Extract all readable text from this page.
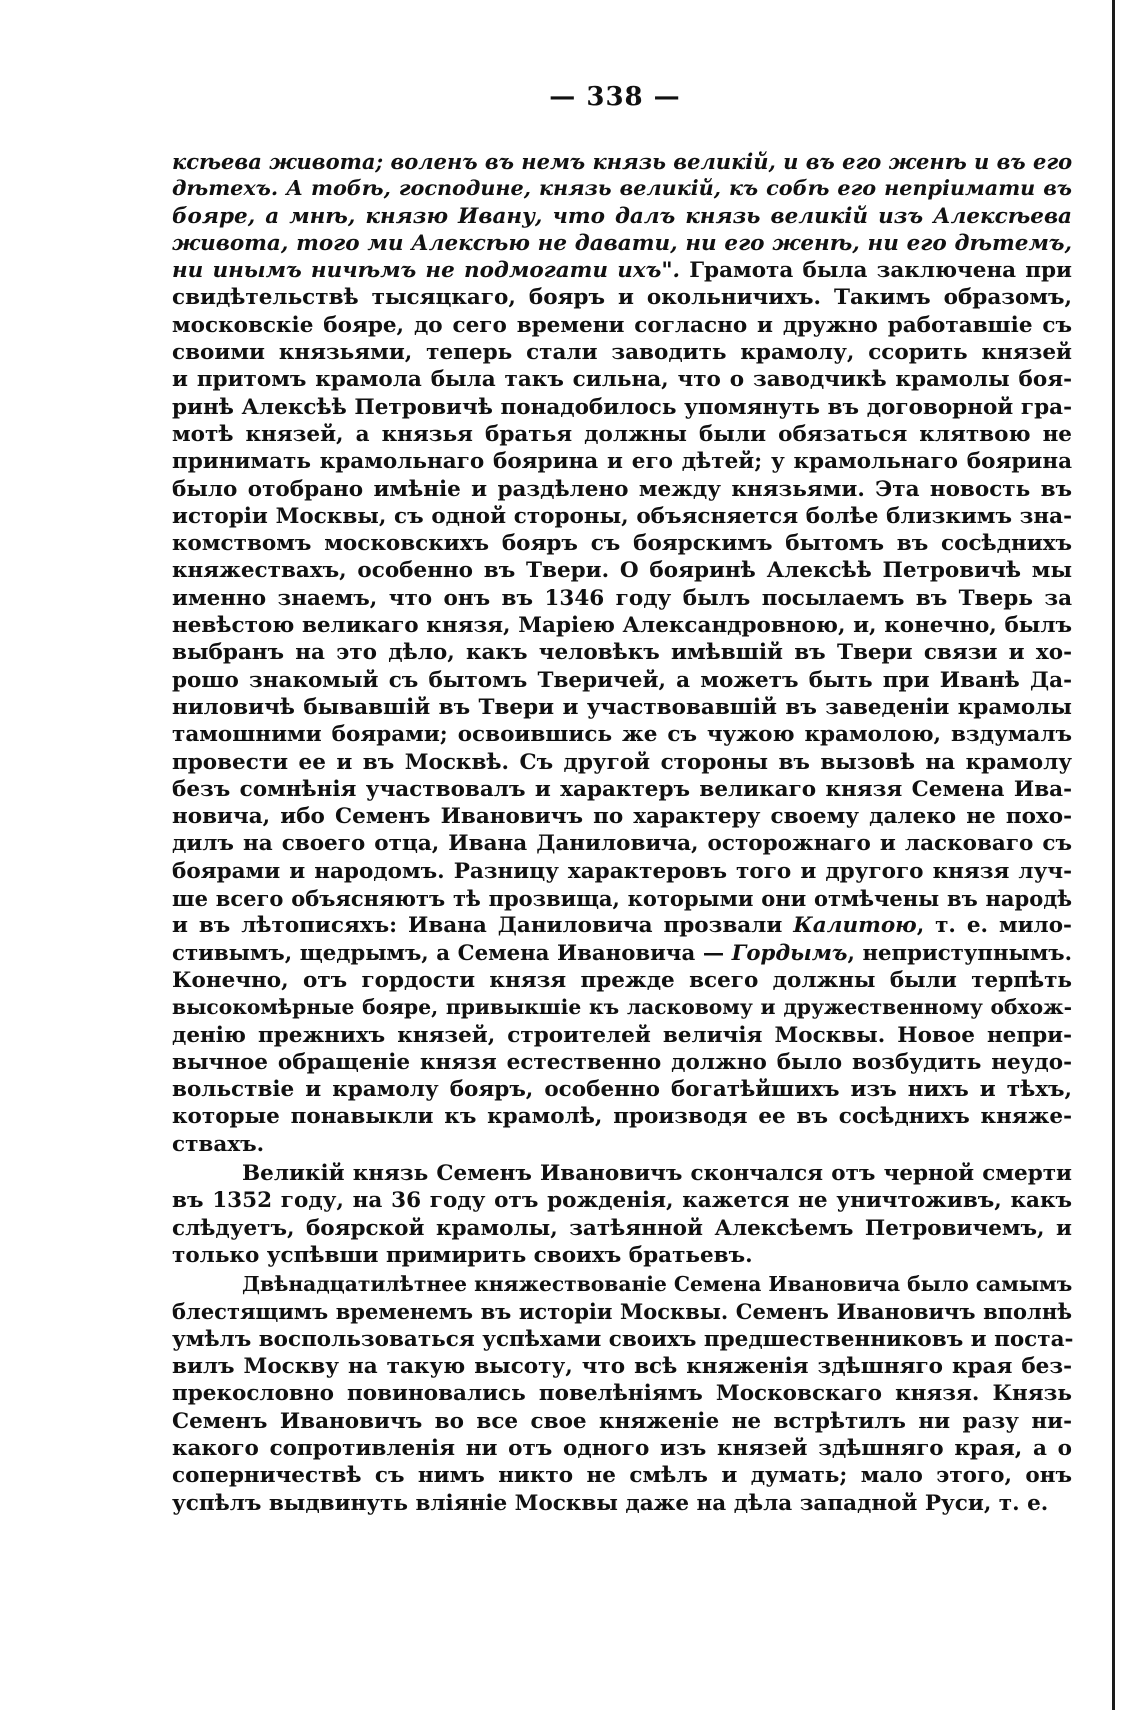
— 338 —
ксѣева живота; воленъ въ немъ князь великій, и въ его женѣ и въ его
дѣтехъ. А тобѣ, господине, князь великій, къ собѣ его непріимати въ
бояре, а мнѣ, князю Ивану, что далъ князь великій изъ Алексѣева
живота, того ми Алексѣю не давати, ни его женѣ, ни его дѣтемъ,
ни инымъ ничѣмъ не подмогати ихъ". Грамота была заключена при
свидѣтельствѣ тысяцкаго, бояръ и окольничихъ. Такимъ образомъ,
московскіе бояре, до сего времени согласно и дружно работавшіе съ
своими князьями, теперь стали заводить крамолу, ссорить князей
и притомъ крамола была такъ сильна, что о заводчикѣ крамолы боя-
ринѣ Алексѣѣ Петровичѣ понадобилось упомянуть въ договорной гра-
мотѣ князей, а князья братья должны были обязаться клятвою не
принимать крамольнаго боярина и его дѣтей; у крамольнаго боярина
было отобрано имѣніе и раздѣлено между князьями. Эта новость въ
исторіи Москвы, съ одной стороны, объясняется болѣе близкимъ зна-
комствомъ московскихъ бояръ съ боярскимъ бытомъ въ сосѣднихъ
княжествахъ, особенно въ Твери. О бояринѣ Алексѣѣ Петровичѣ мы
именно знаемъ, что онъ въ 1346 году былъ посылаемъ въ Тверь за
невѣстою великаго князя, Маріею Александровною, и, конечно, былъ
выбранъ на это дѣло, какъ человѣкъ имѣвшій въ Твери связи и хо-
рошо знакомый съ бытомъ Тверичей, а можетъ быть при Иванѣ Да-
ниловичѣ бывавшій въ Твери и участвовавшій въ заведеніи крамолы
тамошними боярами; освоившись же съ чужою крамолою, вздумалъ
провести ее и въ Москвѣ. Съ другой стороны въ вызовѣ на крамолу
безъ сомнѣнія участвовалъ и характеръ великаго князя Семена Ива-
новича, ибо Семенъ Ивановичъ по характеру своему далеко не похо-
дилъ на своего отца, Ивана Даниловича, осторожнаго и ласковаго съ
боярами и народомъ. Разницу характеровъ того и другого князя луч-
ше всего объясняютъ тѣ прозвища, которыми они отмѣчены въ народѣ
и въ лѣтописяхъ: Ивана Даниловича прозвали Калитою, т. е. мило-
стивымъ, щедрымъ, а Семена Ивановича — Гордымъ, неприступнымъ.
Конечно, отъ гордости князя прежде всего должны были терпѣть
высокомѣрные бояре, привыкшіе къ ласковому и дружественному обхож-
денію прежнихъ князей, строителей величія Москвы. Новое непри-
вычное обращеніе князя естественно должно было возбудить неудо-
вольствіе и крамолу бояръ, особенно богатѣйшихъ изъ нихъ и тѣхъ,
которые понавыкли къ крамолѣ, производя ее въ сосѣднихъ княже-
ствахъ.
Великій князь Семенъ Ивановичъ скончался отъ черной смерти
въ 1352 году, на 36 году отъ рожденія, кажется не уничтоживъ, какъ
слѣдуетъ, боярской крамолы, затѣянной Алексѣемъ Петровичемъ, и
только успѣвши примирить своихъ братьевъ.
Двѣнадцатилѣтнее княжествованіе Семена Ивановича было самымъ
блестящимъ временемъ въ исторіи Москвы. Семенъ Ивановичъ вполнѣ
умѣлъ воспользоваться успѣхами своихъ предшественниковъ и поста-
вилъ Москву на такую высоту, что всѣ княженія здѣшняго края без-
прекословно повиновались повелѣніямъ Московскаго князя. Князь
Семенъ Ивановичъ во все свое княженіе не встрѣтилъ ни разу ни-
какого сопротивленія ни отъ одного изъ князей здѣшняго края, а о
соперничествѣ съ нимъ никто не смѣлъ и думать; мало этого, онъ
успѣлъ выдвинуть вліяніе Москвы даже на дѣла западной Руси, т. е.
